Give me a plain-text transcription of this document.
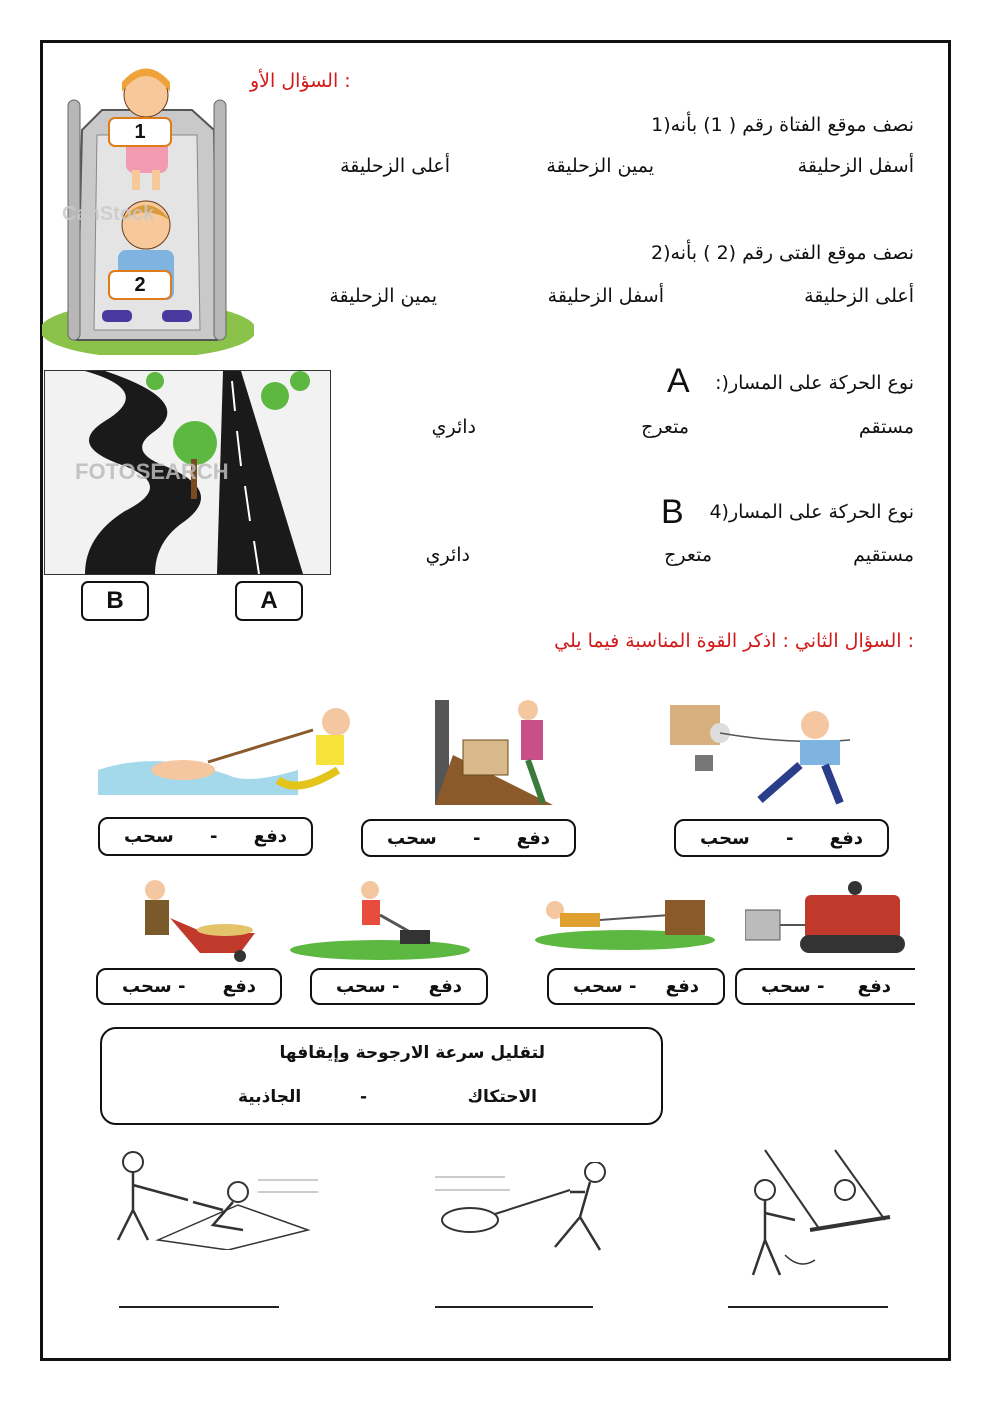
: السؤال الأو
CanStock
1
2
نصف موقع الفتاة رقم ( 1) بأنه(1
أسفل الزحليقة
يمين الزحليقة
أعلى الزحليقة
نصف موقع الفتى رقم (2 ) بأنه(2
أعلى الزحليقة
أسفل الزحليقة
يمين الزحليقة
FOTOSEARCH
B	A
نوع الحركة على المسار(:
A
مستقم
متعرج
دائري
نوع الحركة على المسار(4
B
مستقيم
متعرج
دائري
: السؤال الثاني : اذكر القوة المناسبة فيما يلي
دفع
-
سحب	دفع
-
سحب	دفع
-
سحب
دفع
- سحب	دفع
- سحب	دفع
- سحب	دفع
- سحب
لتقليل سرعة الارجوحة وإيقافها
الاحتكاك
-
الجاذبية
